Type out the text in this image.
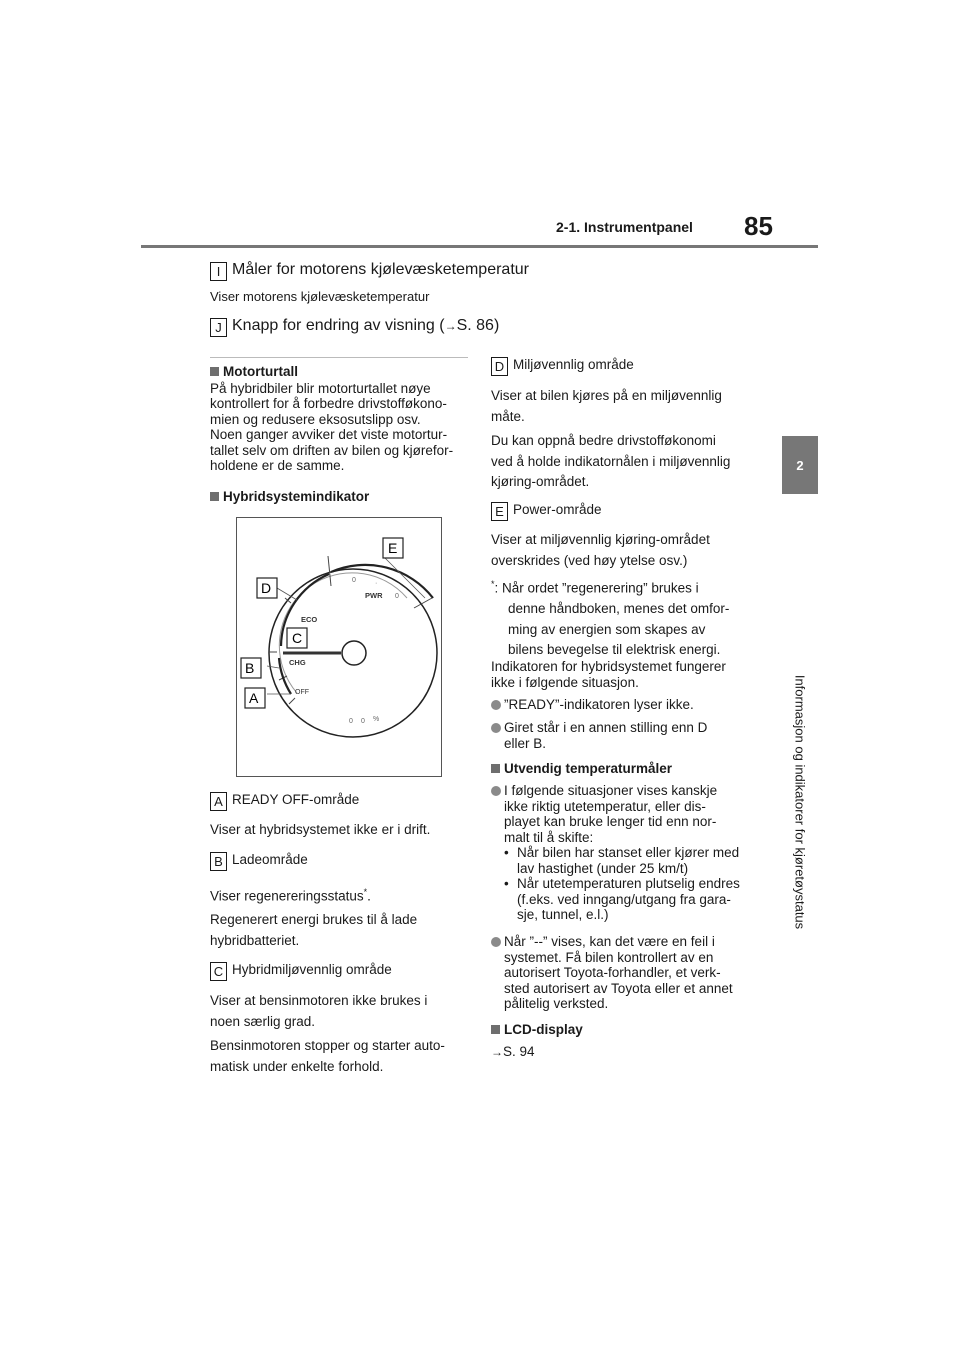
2-1. Instrumentpanel 85
2
Informasjon og indikatorer for kjøretøystatus
I Måler for motorens kjølevæsketemperatur
Viser motorens kjølevæsketemperatur
J Knapp for endring av visning (→S. 86)
Motorturtall
På hybridbiler blir motorturtallet nøye
kontrollert for å forbedre drivstofføkono-
mien og redusere eksosutslipp osv.
Noen ganger avviker det viste motortur-
tallet selv om driften av bilen og kjørefor-
holdene er de samme.
Hybridsystemindikator
0	·
0
0 0 %
ECO
PWR
CHG
OFF
E
D
C
B
A
A READY OFF-område
Viser at hybridsystemet ikke er i drift.
B Ladeområde
Viser regenereringsstatus*.
Regenerert energi brukes til å lade
hybridbatteriet.
C Hybridmiljøvennlig område
Viser at bensinmotoren ikke brukes i
noen særlig grad.
Bensinmotoren stopper og starter auto-
matisk under enkelte forhold.
D Miljøvennlig område
Viser at bilen kjøres på en miljøvennlig
måte.
Du kan oppnå bedre drivstofføkonomi
ved å holde indikatornålen i miljøvennlig
kjøring-området.
E Power-område
Viser at miljøvennlig kjøring-området
overskrides (ved høy ytelse osv.)
*: Når ordet ”regenerering” brukes i
denne håndboken, menes det omfor-
ming av energien som skapes av
bilens bevegelse til elektrisk energi.
Indikatoren for hybridsystemet fungerer
ikke i følgende situasjon.
”READY”-indikatoren lyser ikke.
Giret står i en annen stilling enn D
eller B.
Utvendig temperaturmåler
I følgende situasjoner vises kanskje
ikke riktig utetemperatur, eller dis-
playet kan bruke lenger tid enn nor-
malt til å skifte:
• Når bilen har stanset eller kjører med
lav hastighet (under 25 km/t)
• Når utetemperaturen plutselig endres
(f.eks. ved inngang/utgang fra gara-
sje, tunnel, e.l.)
Når ”--” vises, kan det være en feil i
systemet. Få bilen kontrollert av en
autorisert Toyota-forhandler, et verk-
sted autorisert av Toyota eller et annet
pålitelig verksted.
LCD-display
→S. 94
